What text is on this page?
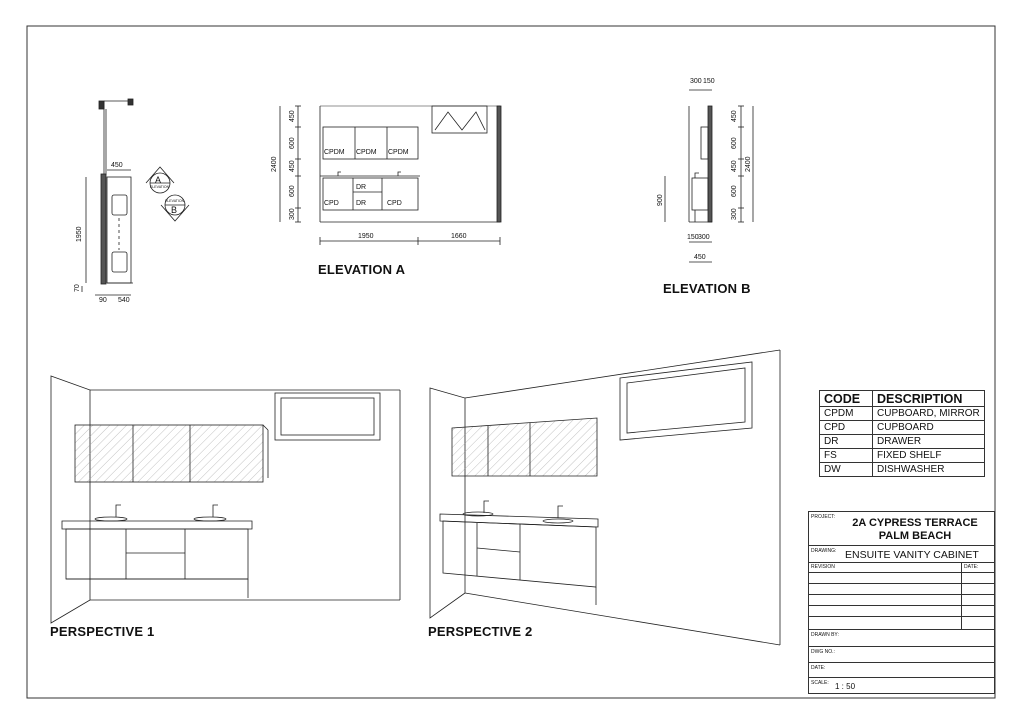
450
1950
70
90 540
A
ELEVATION
ELEVATION
B
450
600
450
600
300
2400
CPDM CPDM CPDM
DR
CPD DR	CPD
1950	1660
ELEVATION A
300 150
450
600
450
600
300
2400
900
150 300
450
ELEVATION B
PERSPECTIVE 1	PERSPECTIVE 2
CODE	DESCRIPTION
CPDM	CUPBOARD, MIRROR
CPD	CUPBOARD
DR	DRAWER
FS	FIXED SHELF
DW	DISHWASHER
PROJECT:	2A CYPRESS TERRACE
PALM BEACH
DRAWING: ENSUITE VANITY CABINET
REVISION	DATE:
DRAWN BY:
DWG NO.:
DATE:
SCALE: 1 : 50
